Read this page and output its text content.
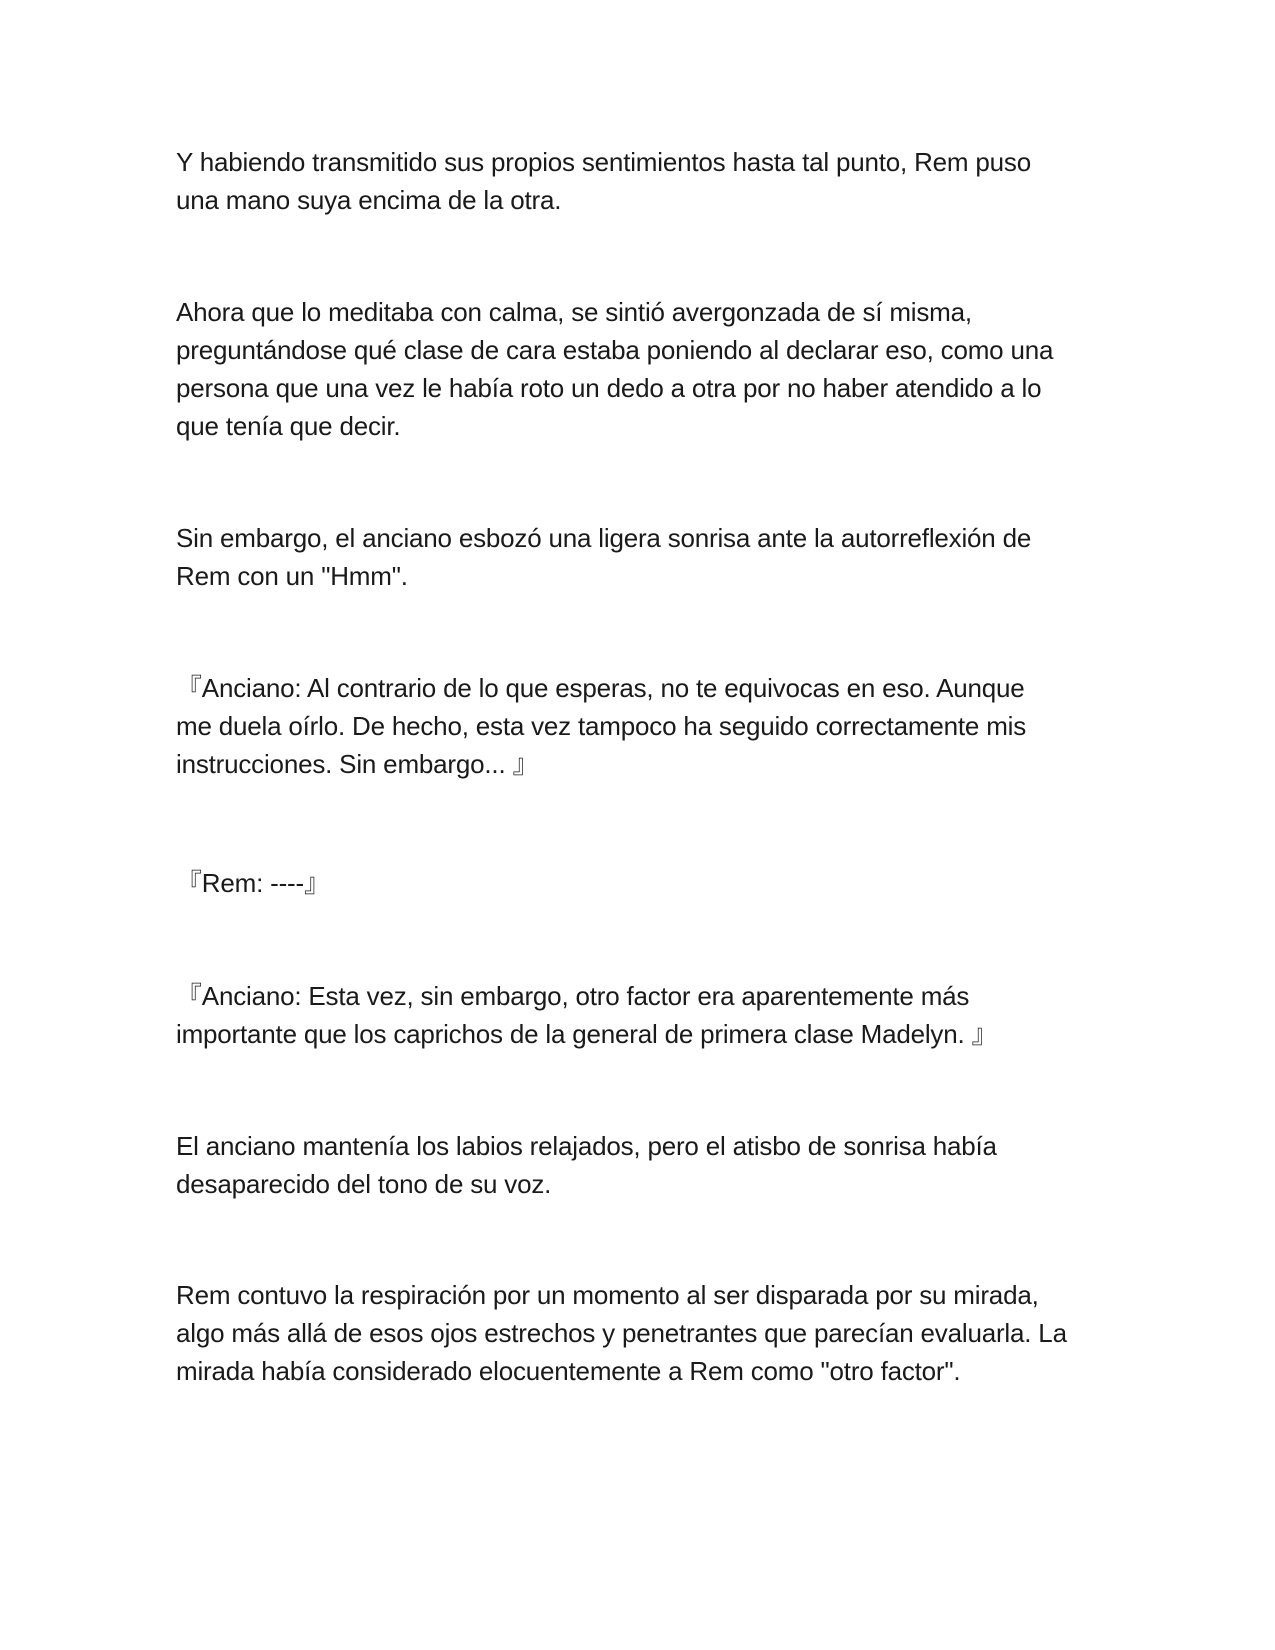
Y habiendo transmitido sus propios sentimientos hasta tal punto, Rem puso
una mano suya encima de la otra.
Ahora que lo meditaba con calma, se sintió avergonzada de sí misma,
preguntándose qué clase de cara estaba poniendo al declarar eso, como una
persona que una vez le había roto un dedo a otra por no haber atendido a lo
que tenía que decir.
Sin embargo, el anciano esbozó una ligera sonrisa ante la autorreflexión de
Rem con un "Hmm".
『Anciano: Al contrario de lo que esperas, no te equivocas en eso. Aunque
me duela oírlo. De hecho, esta vez tampoco ha seguido correctamente mis
instrucciones. Sin embargo... 』
『Rem: ----』
『Anciano: Esta vez, sin embargo, otro factor era aparentemente más
importante que los caprichos de la general de primera clase Madelyn. 』
El anciano mantenía los labios relajados, pero el atisbo de sonrisa había
desaparecido del tono de su voz.
Rem contuvo la respiración por un momento al ser disparada por su mirada,
algo más allá de esos ojos estrechos y penetrantes que parecían evaluarla. La
mirada había considerado elocuentemente a Rem como "otro factor".
